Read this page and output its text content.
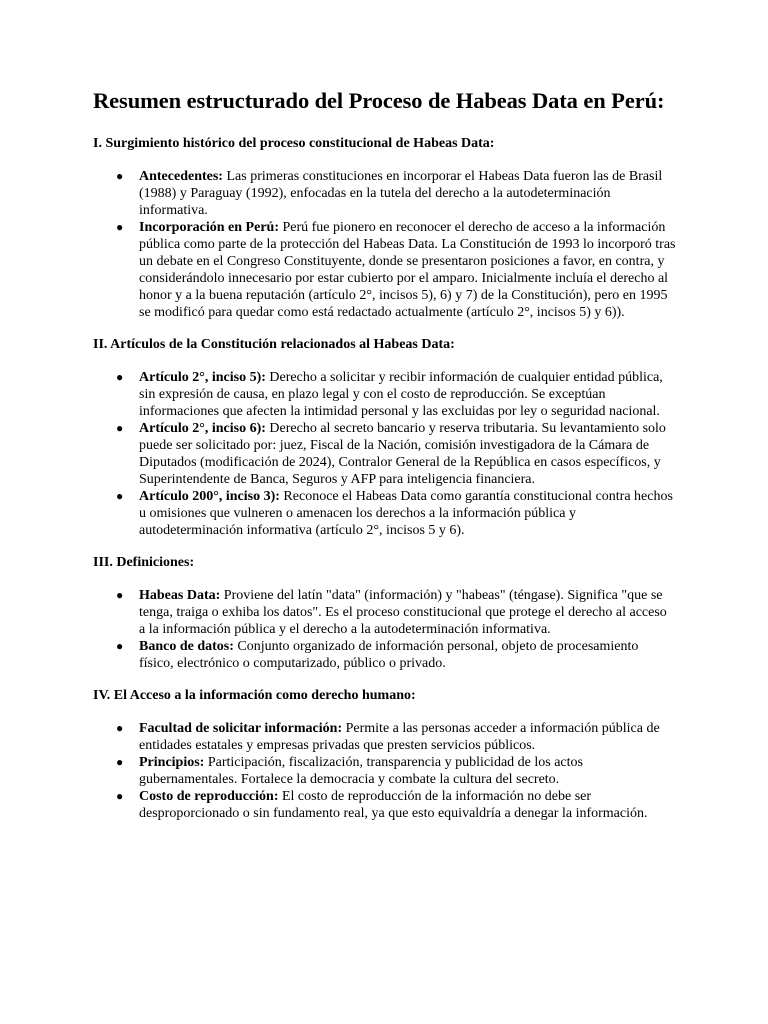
Resumen estructurado del Proceso de Habeas Data en Perú:
I. Surgimiento histórico del proceso constitucional de Habeas Data:
● Antecedentes: Las primeras constituciones en incorporar el Habeas Data fueron las de Brasil (1988) y Paraguay (1992), enfocadas en la tutela del derecho a la autodeterminación informativa.
● Incorporación en Perú: Perú fue pionero en reconocer el derecho de acceso a la información pública como parte de la protección del Habeas Data. La Constitución de 1993 lo incorporó tras un debate en el Congreso Constituyente, donde se presentaron posiciones a favor, en contra, y considerándolo innecesario por estar cubierto por el amparo. Inicialmente incluía el derecho al honor y a la buena reputación (artículo 2°, incisos 5), 6) y 7) de la Constitución), pero en 1995 se modificó para quedar como está redactado actualmente (artículo 2°, incisos 5) y 6)).
II. Artículos de la Constitución relacionados al Habeas Data:
● Artículo 2°, inciso 5): Derecho a solicitar y recibir información de cualquier entidad pública, sin expresión de causa, en plazo legal y con el costo de reproducción. Se exceptúan informaciones que afecten la intimidad personal y las excluidas por ley o seguridad nacional.
● Artículo 2°, inciso 6): Derecho al secreto bancario y reserva tributaria. Su levantamiento solo puede ser solicitado por: juez, Fiscal de la Nación, comisión investigadora de la Cámara de Diputados (modificación de 2024), Contralor General de la República en casos específicos, y Superintendente de Banca, Seguros y AFP para inteligencia financiera.
● Artículo 200°, inciso 3): Reconoce el Habeas Data como garantía constitucional contra hechos u omisiones que vulneren o amenacen los derechos a la información pública y autodeterminación informativa (artículo 2°, incisos 5 y 6).
III. Definiciones:
● Habeas Data: Proviene del latín "data" (información) y "habeas" (téngase). Significa "que se tenga, traiga o exhiba los datos". Es el proceso constitucional que protege el derecho al acceso a la información pública y el derecho a la autodeterminación informativa.
● Banco de datos: Conjunto organizado de información personal, objeto de procesamiento físico, electrónico o computarizado, público o privado.
IV. El Acceso a la información como derecho humano:
● Facultad de solicitar información: Permite a las personas acceder a información pública de entidades estatales y empresas privadas que presten servicios públicos.
● Principios: Participación, fiscalización, transparencia y publicidad de los actos gubernamentales. Fortalece la democracia y combate la cultura del secreto.
● Costo de reproducción: El costo de reproducción de la información no debe ser desproporcionado o sin fundamento real, ya que esto equivaldría a denegar la información.
